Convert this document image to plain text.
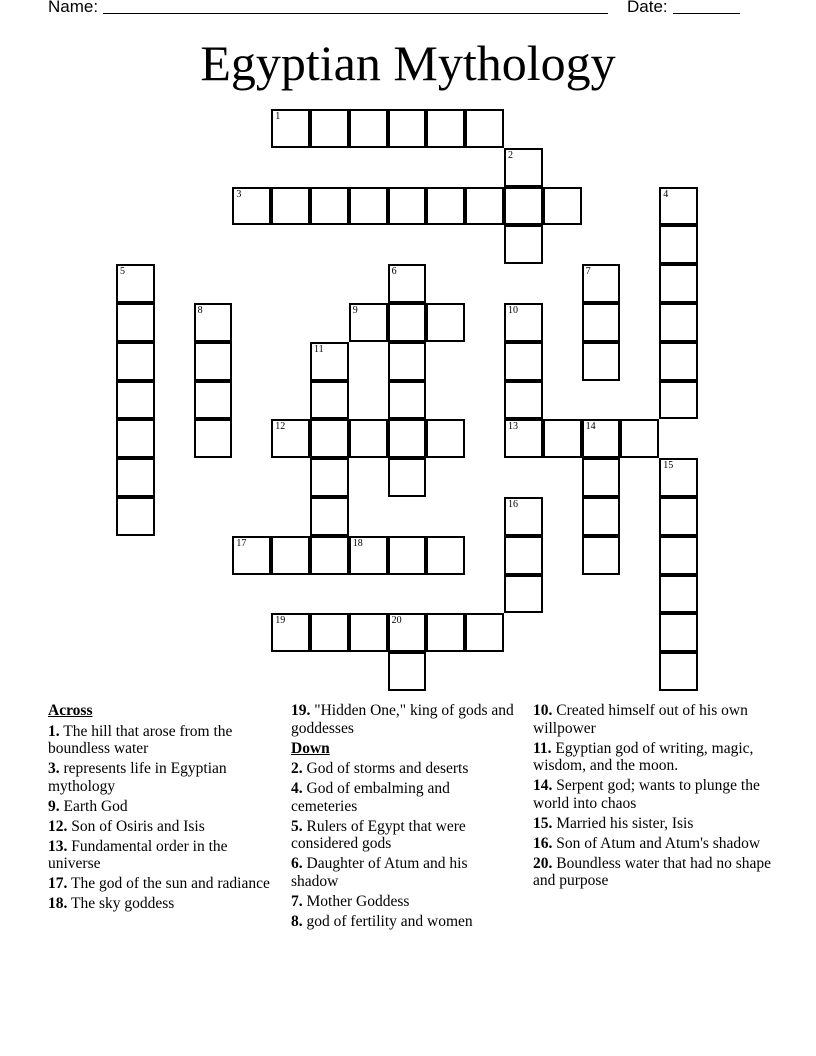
Name:	Date:
Egyptian Mythology
1
2
3	4
5	6	7
8	9	10
13
11
12	14
15
16
17	18
19	20
Across
1. The hill that arose from the boundless water
3. represents life in Egyptian mythology
9. Earth God
12. Son of Osiris and Isis
13. Fundamental order in the universe
17. The god of the sun and radiance
18. The sky goddess
19. "Hidden One," king of gods and goddesses
Down
2. God of storms and deserts
4. God of embalming and cemeteries
5. Rulers of Egypt that were considered gods
6. Daughter of Atum and his shadow
7. Mother Goddess
8. god of fertility and women
10. Created himself out of his own willpower
11. Egyptian god of writing, magic, wisdom, and the moon.
14. Serpent god; wants to plunge the world into chaos
15. Married his sister, Isis
16. Son of Atum and Atum's shadow
20. Boundless water that had no shape and purpose
